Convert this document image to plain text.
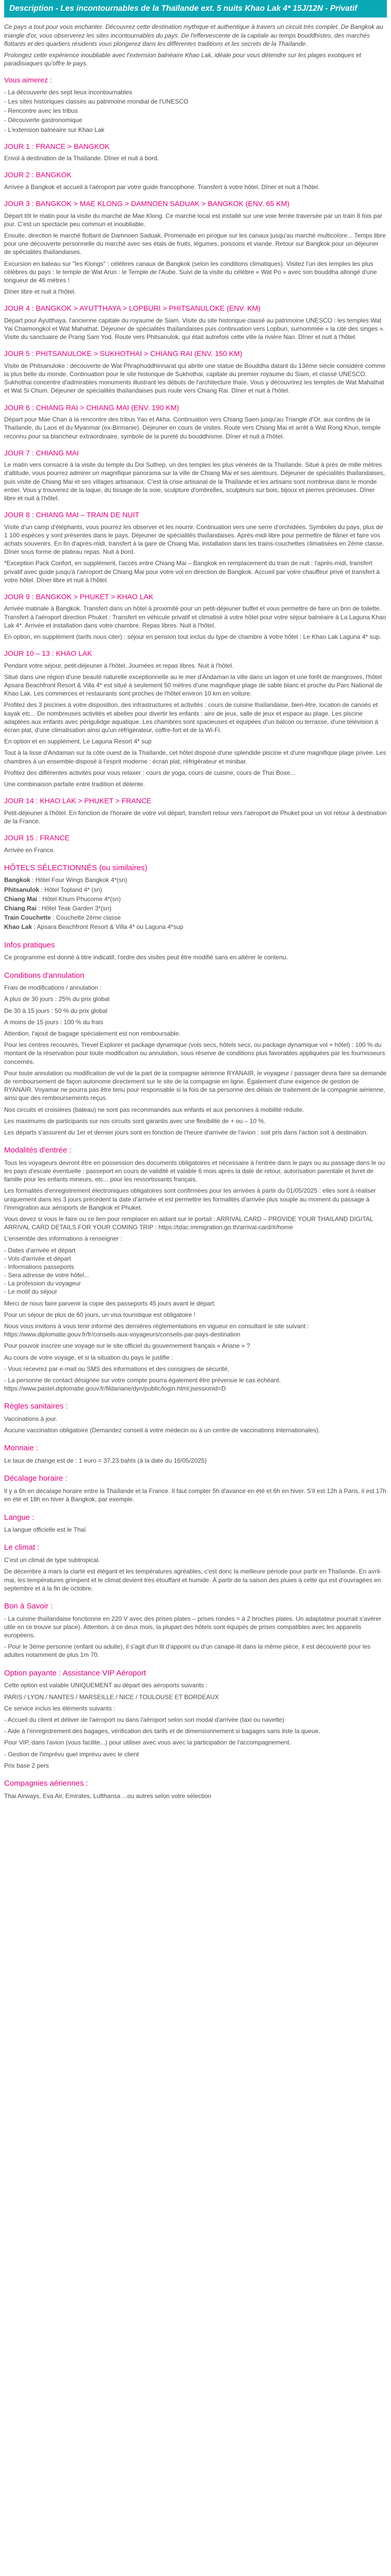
Description - Les incontournables de la Thaïlande ext. 5 nuits Khao Lak 4* 15J/12N - Privatif

Ce pays a tout pour vous enchanter. Découvrez cette destination mythique et authentique à travers un circuit très complet. De Bangkok au triangle d'or, vous observerez les sites incontournables du pays. De l'effervescente de la capitale au temps bouddhistes, des marchés flottants et des quartiers résidents vous plongerez dans les différentes traditions et les secrets de la Thaïlande.

Prolongez cette expérience inoubliable avec l'extension balnéaire Khao Lak, idéale pour vous détendre sur les plages exotiques et paradisiaques qu'offre le pays.

Vous aimerez :
- La découverte des sept lieux incontournables
- Les sites historiques classés au patrimoine mondial de l'UNESCO
- Rencontre avec les tribus
- Découverte gastronomique
- L'extension balnéaire sur Khao Lak
JOUR 1 : FRANCE > BANGKOK

Envol à destination de la Thaïlande. Dîner et nuit à bord.

JOUR 2 : BANGKOK

Arrivée à Bangkok et accueil à l'aéroport par votre guide francophone. Transfert à votre hôtel. Dîner et nuit à l'hôtel.

JOUR 3 : BANGKOK > MAE KLONG > DAMNOEN SADUAK > BANGKOK (ENV. 65 KM)

Départ tôt le matin pour la visite du marché de Mae Klong. Ce marché local est installé sur une voie ferrée traversée par un train 8 fois par jour. C'est un spectacle peu commun et inoubliable.

Ensuite, direction le marché flottant de Damnoen Saduak. Promenade en pirogue sur les canaux jusqu'au marché multicolore... Temps libre pour une découverte personnelle du marché avec ses étals de fruits, légumes, poissons et viande. Retour sur Bangkok pour un déjeuner de spécialités thaïlandaises.

Excursion en bateau sur "les Klongs" : célèbres canaux de Bangkok (selon les conditions climatiques). Visitez l'un des temples les plus célèbres du pays : le temple de Wat Arun : le Temple de l'Aube. Suivi de la visite du célèbre « Wat Po » avec son bouddha allongé d'une longueur de 46 mètres !

Dîner libre et nuit à l'hôtel.

JOUR 4 : BANGKOK > AYUTTHAYA > LOPBURI > PHITSANULOKE (ENV. KM)

Départ pour Ayutthaya, l'ancienne capitale du royaume de Siam. Visite du site historique classé au patrimoine UNESCO : les temples Wat Yai Chaimongkol et Wat Mahathat. Déjeuner de spécialités thaïlandaises puis continuation vers Lopburi, surnommée « la cité des singes ». Visite du sanctuaire de Prang Sam Yod. Route vers Phitsanulok, qui était autrefois cette ville la rivière Nan. Dîner et nuit à l'hôtel.

JOUR 5 : PHITSANULOKE > SUKHOTHAI > CHIANG RAI (ENV. 150 KM)

Visite de Phitsanuloke : découverte de Wat Phraphuddhinnarat qui abrite une statue de Bouddha datant du 13ème siècle considéré comme la plus belle du monde. Continuation pour le site historique de Sukhothai, capitale du premier royaume du Siam, et classé UNESCO. Sukhothai concentre d'admirables monuments illustrant les débuts de l'architecture thaïe. Vous y découvrirez les temples de Wat Mahathat et Wat Si Chum. Déjeuner de spécialités thaïlandaises puis route vers Chiang Rai. Dîner et nuit à l'hôtel.

JOUR 6 : CHIANG RAI > CHIANG MAI (ENV. 190 KM)

Départ pour Mae Chan à la rencontre des tribus Yao et Akha. Continuation vers Chiang Saen jusqu'au Triangle d'Or, aux confins de la Thaïlande, du Laos et du Myanmar (ex-Birmanie). Déjeuner en cours de visites. Route vers Chiang Mai et arrêt à Wat Rong Khun, temple reconnu pour sa blancheur extraordinaire, symbole de la pureté du bouddhisme. Dîner et nuit à l'hôtel.

JOUR 7 : CHIANG MAI

Le matin vers consacré à la visite du temple du Doi Suthep, un des temples les plus vénérés de la Thaïlande. Situé à près de mille mètres d'altitude, vous pourrez admirer un magnifique panorama sur la ville de Chiang Mai et ses alentours. Déjeuner de spécialités thaïlandaises, puis visite de Chiang Mai et ses villages artisanaux. C'est là crise artisanal de la Thaïlande et les artisans sont nombreux dans le monde entier. Vous y trouverez de la laque, du tissage de la soie, sculpture d'ombrelles, sculpteurs sur bois, bijoux et pierres précieuses. Dîner libre et nuit à l'hôtel.

JOUR 8 : CHIANG MAI – TRAIN DE NUIT

Visite d'un camp d'éléphants, vous pourrez les observer et les nourrir. Continuation vers une serre d'orchidées. Symboles du pays, plus de 1 100 espèces y sont présentes dans le pays. Déjeuner de spécialités thaïlandaises. Après-midi libre pour permettre de flâner et faire vos achats souvenirs. En fin d'après-midi, transfert à la gare de Chiang Mai, installation dans les trains-couchettes climatisées en 2ème classe. Dîner sous forme de plateau repas. Nuit à bord.

*Exception Pack Confort, en supplément, l'accès entre Chiang Mai – Bangkok en remplacement du train de nuit : l'après-midi, transfert privatif avec guide jusqu'à l'aéroport de Chiang Mai pour votre vol en direction de Bangkok. Accueil par votre chauffeur privé et transfert à votre hôtel. Dîner libre et nuit à l'hôtel.

JOUR 9 : BANGKOK > PHUKET > KHAO LAK

Arrivée matinale à Bangkok. Transfert dans un hôtel à proximité pour un petit-déjeuner buffet et vous permettre de faire un brin de toilette. Transfert à l'aéroport direction Phuket : Transfert en véhicule privatif et climatisé à votre hôtel pour votre séjour balnéaire à La Laguna Khao Lak 4*. Arrivée et installation dans votre chambre. Repas libres. Nuit à l'hôtel.

En option, en supplément (tarifs nous citer) : séjour en pension tout inclus du type de chambre à votre hôtel : Le Khao Lak Laguna 4* sup.

JOUR 10 – 13 : KHAO LAK

Pendant votre séjour, petit-déjeuner à l'hôtel. Journées et repas libres. Nuit à l'hôtel.

Situé dans une région d'une beauté naturelle exceptionnelle au le mer d'Andaman la ville dans un lagon et une forêt de mangroves, l'hôtel Apsara Beachfront Resort & Villa 4* est situé à seulement 50 mètres d'une magnifique plage de sable blanc et proche du Parc National de Khao Lak. Les commerces et restaurants sont proches de l'hôtel environ 10 km en voiture.

Profitez des 3 piscines à votre disposition, des infrastructures et activités : cours de cuisine thaïlandaise, bien-être, location de canoës et kayak etc... De nombreuses activités et abelles pour divertir les enfants : aire de jeux, salle de jeux et espace au plage. Les piscine adaptées aux enfants avec périgulidge aquatique. Les chambres sont spacieuses et équipées d'un balcon ou terrasse, d'une télévision à écran plat, d'une climatisation ainsi qu'un réfrigérateur, coffre-fort et de la Wi-Fi.

En option et en supplément, Le Laguna Resort 4* sup

Tout à la lisse d'Andaman sur la côte ouest de la Thaïlande, cet hôtel disposé d'une splendide piscine et d'une magnifique plage privée. Les chambres à un ensemble disposé à l'esprit moderne : écran plat, réfrigérateur et minibar.

Profitez des différentes activités pour vous relaxer : cours de yoga, cours de cuisine, cours de Thaï Boxe...

Une combinaison parfaite entre tradition et détente.

JOUR 14 : KHAO LAK > PHUKET > FRANCE

Petit-déjeuner à l'hôtel. En fonction de l'horaire de votre vol départ, transfert retour vers l'aéroport de Phuket pour un vol retour à destination de la France.

JOUR 15 : FRANCE

Arrivée en France.

HÔTELS SÉLECTIONNÉS (ou similaires)
Bangkok : Hôtel Four Wings Bangkok 4*(sn)
Phitsanulok : Hôtel Topland 4* (sn)
Chiang Mai : Hôtel Khum Phucome 4*(sn)
Chiang Rai : Hôtel Teak Garden 3*(sn)
Train Couchette : Couchette 2ème classe
Khao Lak : Apsara Beachfront Resort & Villa 4* ou Laguna 4*sup
Infos pratiques

Ce programme est donné à titre indicatif, l'ordre des visites peut être modifié sans en altérer le contenu.

Conditions d'annulation

Frais de modifications / annulation :

A plus de 30 jours : 25% du prix global

De 30 à 15 jours : 50 % du prix global

A moins de 15 jours : 100 % du frais

Attention, l'ajout de bagage spécialement est non remboursable.

Pour les centres recouvrés, Trevel Explorer et package dynamique (vols secs, hôtels secs, ou package dynamique vol + hôtel) : 100 % du montant de la réservation pour toute modification ou annulation, sous réserve de conditions plus favorables appliquées par les fournisseurs concernés.

Pour toute annulation ou modification de vol de la part de la compagnie aérienne RYANAIR, le voyageur / passager devra faire sa demande de remboursement de façon autonome directement sur le site de la compagnie en ligne. Également d'une exigence de gestion de RYANAIR. Voyamar ne pourra pas être tenu pour responsable si la fois de sa personne des délais de traitement de la compagnie aérienne, ainsi que des remboursements reçus.

Nos circuits et croisières (bateau) ne sont pas recommandés aux enfants et aux personnes à mobilité réduite.

Les maximums de participants sur nos circuits sont garantis avec une flexibilité de + ou – 10 %.

Les départs s'assurent du 1er et dernier jours sont en fonction de l'heure d'arrivée de l'avion : soit pris dans l'action soit à destination.

Modalités d'entrée :

Tous les voyageurs devront être en possession des documents obligatoires et nécessaire à l'entrée dans le pays ou au passage dans le ou les pays d'escale éventuelle : passeport en cours de validité et valable 6 mois après la date de retour, autorisation parentale et livret de famille pour les enfants mineurs, etc... pour les ressortissants français.

Les formalités d'enregistrement électroniques obligatoires sont confirmées pour les arrivées à partir du 01/05/2025 : elles sont à réaliser uniquement dans les 3 jours précédent la date d'arrivée et est permettre les formalités d'arrivée plus souple au moment du passage à l'immigration aux aéroports de Bangkok et Phuket.

Vous devez si vous le faire ou ce lien pour remplacer en aidant sur le portail : ARRIVAL CARD – PROVIDE YOUR THAILAND DIGITAL ARRIVAL CARD DETAILS FOR YOUR COMING TRIP : https://tdac.immigration.go.th/arrival-card/#/home

L'ensemble des informations à renseigner :

- Dates d'arrivée et départ
- Vols d'arrivée et départ
- Informations passeports
- Sera adresse de votre hôtel...
- La profession du voyageur
- Le motif du séjour

Merci de nous faire parvenir la copie des passeports 45 jours avant le départ.

Pour un séjour de plus de 60 jours, un visa touristique est obligatoire !

Nous vous invitons à vous tenir informé des dernières réglementations en vigueur en consultant le site suivant : https://www.diplomatie.gouv.fr/fr/conseils-aux-voyageurs/conseils-par-pays-destination

Pour pouvoir inscrire une voyage sur le site officiel du gouvernement français « Ariane » ?

Au cours de votre voyage, et si la situation du pays le justifie :

- Vous recevrez par e-mail ou SMS des informations et des consignes de sécurité,

- La personne de contact désignée sur votre compte pourra également être prévenue le cas échéant. https://www.pastel.diplomatie.gouv.fr/fildariane/dyn/public/login.html;jsessionid=D

Règles sanitaires :

Vaccinations à jour.

Aucune vaccination obligatoire (Demandez conseil à votre médecin ou à un centre de vaccinations internationales).

Monnaie :

Le taux de change est de : 1 euro = 37.23 bahts (à la date du 16/05/2025)

Décalage horaire :

Il y a 6h en décalage horaire entre la Thaïlande et la France. Il faut compter 5h d'avance en été et 6h en hiver. S'il est 12h à Paris, il est 17h en été et 18h en hiver à Bangkok, par exemple.

Langue :

La langue officielle est le Thaï

Le climat :

C'est un climat de type subtropical.

De décembre à mars la clarté est élégant et les températures agréables, c'est donc la meilleure période pour partir en Thaïlande. En avril-mai, les températures grimpent et le climat devient très étouffant et humide. À partir de la saison des pluies à cette qui est d'ouvragées en septembre et à la fin de octobre.

Bon à Savoir :

- La cuisine thaïlandaise fonctionne en 220 V avec des prises plates – prises rondes = à 2 broches plates. Un adaptateur pourrait s'avérer utile en ce trouve sur place). Attention, à ce deux mois, la plupart des hôtels sont équipés de prises compatibles avec les appareils européens.

- Pour le 3ème personne (enfant ou adulte), il s'agit d'un lit d'appoint ou d'un canapé-lit dans la même pièce, il est découverté pour les adultes notamment de plus 1m 70.

Option payante : Assistance VIP Aéroport

Cette option est valable UNIQUEMENT au départ des aéroports suivants :

PARIS / LYON / NANTES / MARSEILLE / NICE / TOULOUSE ET BORDEAUX

Ce service inclus les éléments suivants :

- Accueil du client et déliver de l'aéroport ou dans l'aéroport selon son modal d'arrivée (taxi ou navette)

- Aide à l'enregistrement des bagages, vérification des tarifs et de dimensionnement si bagages sans liste la queue.

Pour VIP, dans l'avion (vous facilite...) pour utiliser avec vous avec la participation de l'accompagnement.

- Gestion de l'imprévu quel imprévu avec le client

Prix base 2 pers

Compagnies aériennes :

Thai Airways, Eva Air, Emirates, Lufthansa ...ou autres selon votre sélection
